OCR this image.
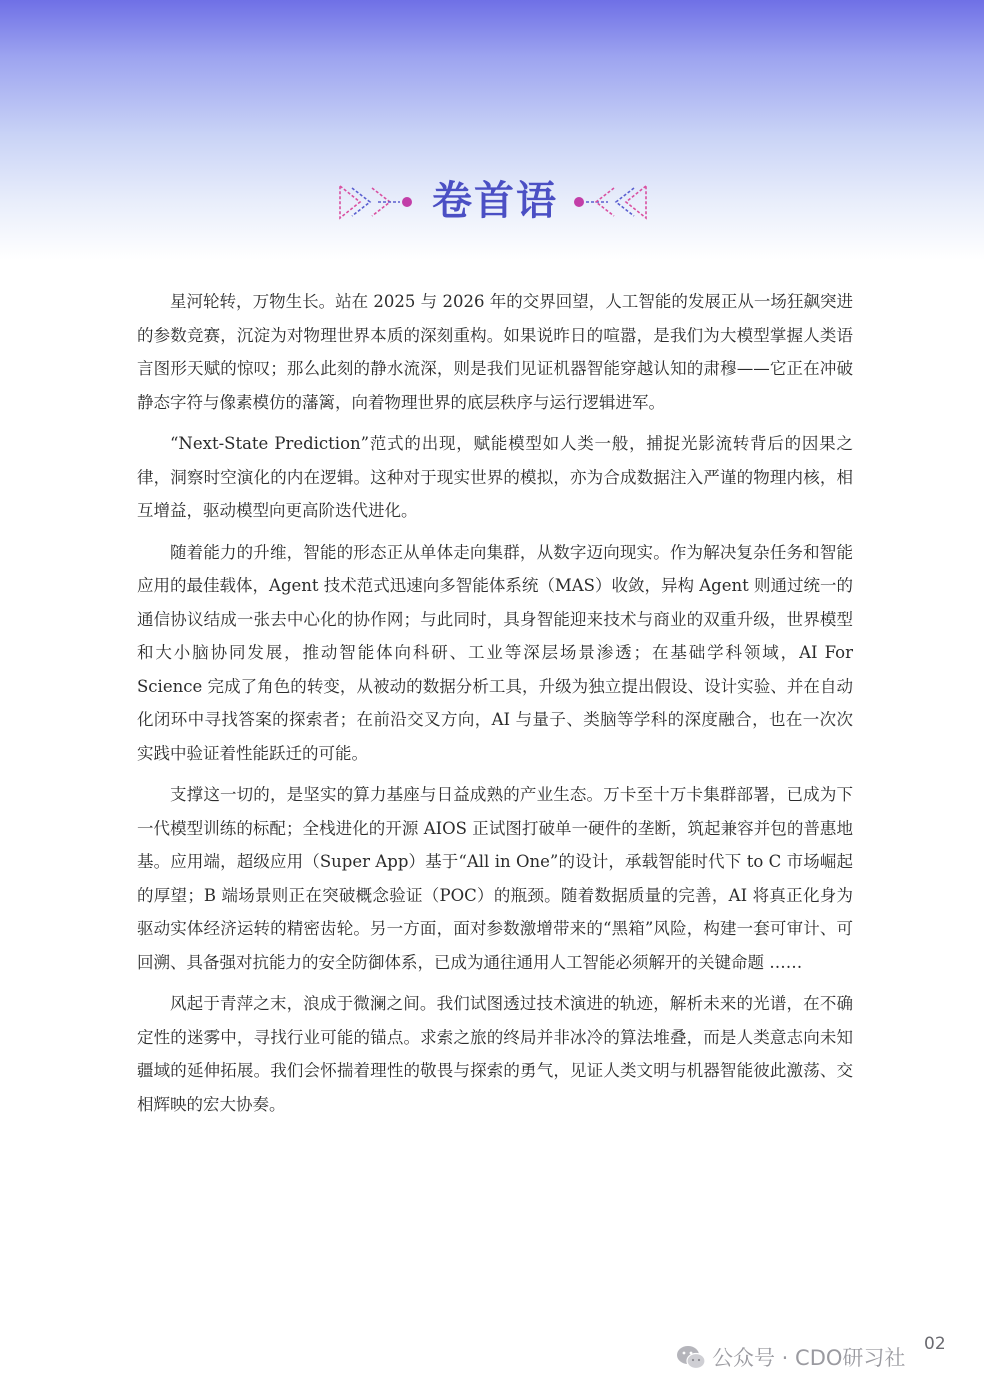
卷首语

星河轮转，万物生长。站在 2025 与 2026 年的交界回望，人工智能的发展正从一场狂飙突进的参数竞赛，沉淀为对物理世界本质的深刻重构。如果说昨日的喧嚣，是我们为大模型掌握人类语言图形天赋的惊叹；那么此刻的静水流深，则是我们见证机器智能穿越认知的肃穆——它正在冲破静态字符与像素模仿的藩篱，向着物理世界的底层秩序与运行逻辑进军。

“Next-State Prediction”范式的出现，赋能模型如人类一般，捕捉光影流转背后的因果之律，洞察时空演化的内在逻辑。这种对于现实世界的模拟，亦为合成数据注入严谨的物理内核，相互增益，驱动模型向更高阶迭代进化。

随着能力的升维，智能的形态正从单体走向集群，从数字迈向现实。作为解决复杂任务和智能应用的最佳载体，Agent 技术范式迅速向多智能体系统（MAS）收敛，异构 Agent 则通过统一的通信协议结成一张去中心化的协作网；与此同时，具身智能迎来技术与商业的双重升级，世界模型和大小脑协同发展，推动智能体向科研、工业等深层场景渗透；在基础学科领域，AI For Science 完成了角色的转变，从被动的数据分析工具，升级为独立提出假设、设计实验、并在自动化闭环中寻找答案的探索者；在前沿交叉方向，AI 与量子、类脑等学科的深度融合，也在一次次实践中验证着性能跃迁的可能。

支撑这一切的，是坚实的算力基座与日益成熟的产业生态。万卡至十万卡集群部署，已成为下一代模型训练的标配；全栈进化的开源 AIOS 正试图打破单一硬件的垄断，筑起兼容并包的普惠地基。应用端，超级应用（Super App）基于“All in One”的设计，承载智能时代下 to C 市场崛起的厚望；B 端场景则正在突破概念验证（POC）的瓶颈。随着数据质量的完善，AI 将真正化身为驱动实体经济运转的精密齿轮。另一方面，面对参数激增带来的“黑箱”风险，构建一套可审计、可回溯、具备强对抗能力的安全防御体系，已成为通往通用人工智能必须解开的关键命题 ……

风起于青萍之末，浪成于微澜之间。我们试图透过技术演进的轨迹，解析未来的光谱，在不确定性的迷雾中，寻找行业可能的锚点。求索之旅的终局并非冰冷的算法堆叠，而是人类意志向未知疆域的延伸拓展。我们会怀揣着理性的敬畏与探索的勇气，见证人类文明与机器智能彼此激荡、交相辉映的宏大协奏。

公众号 · CDO研习社
02
